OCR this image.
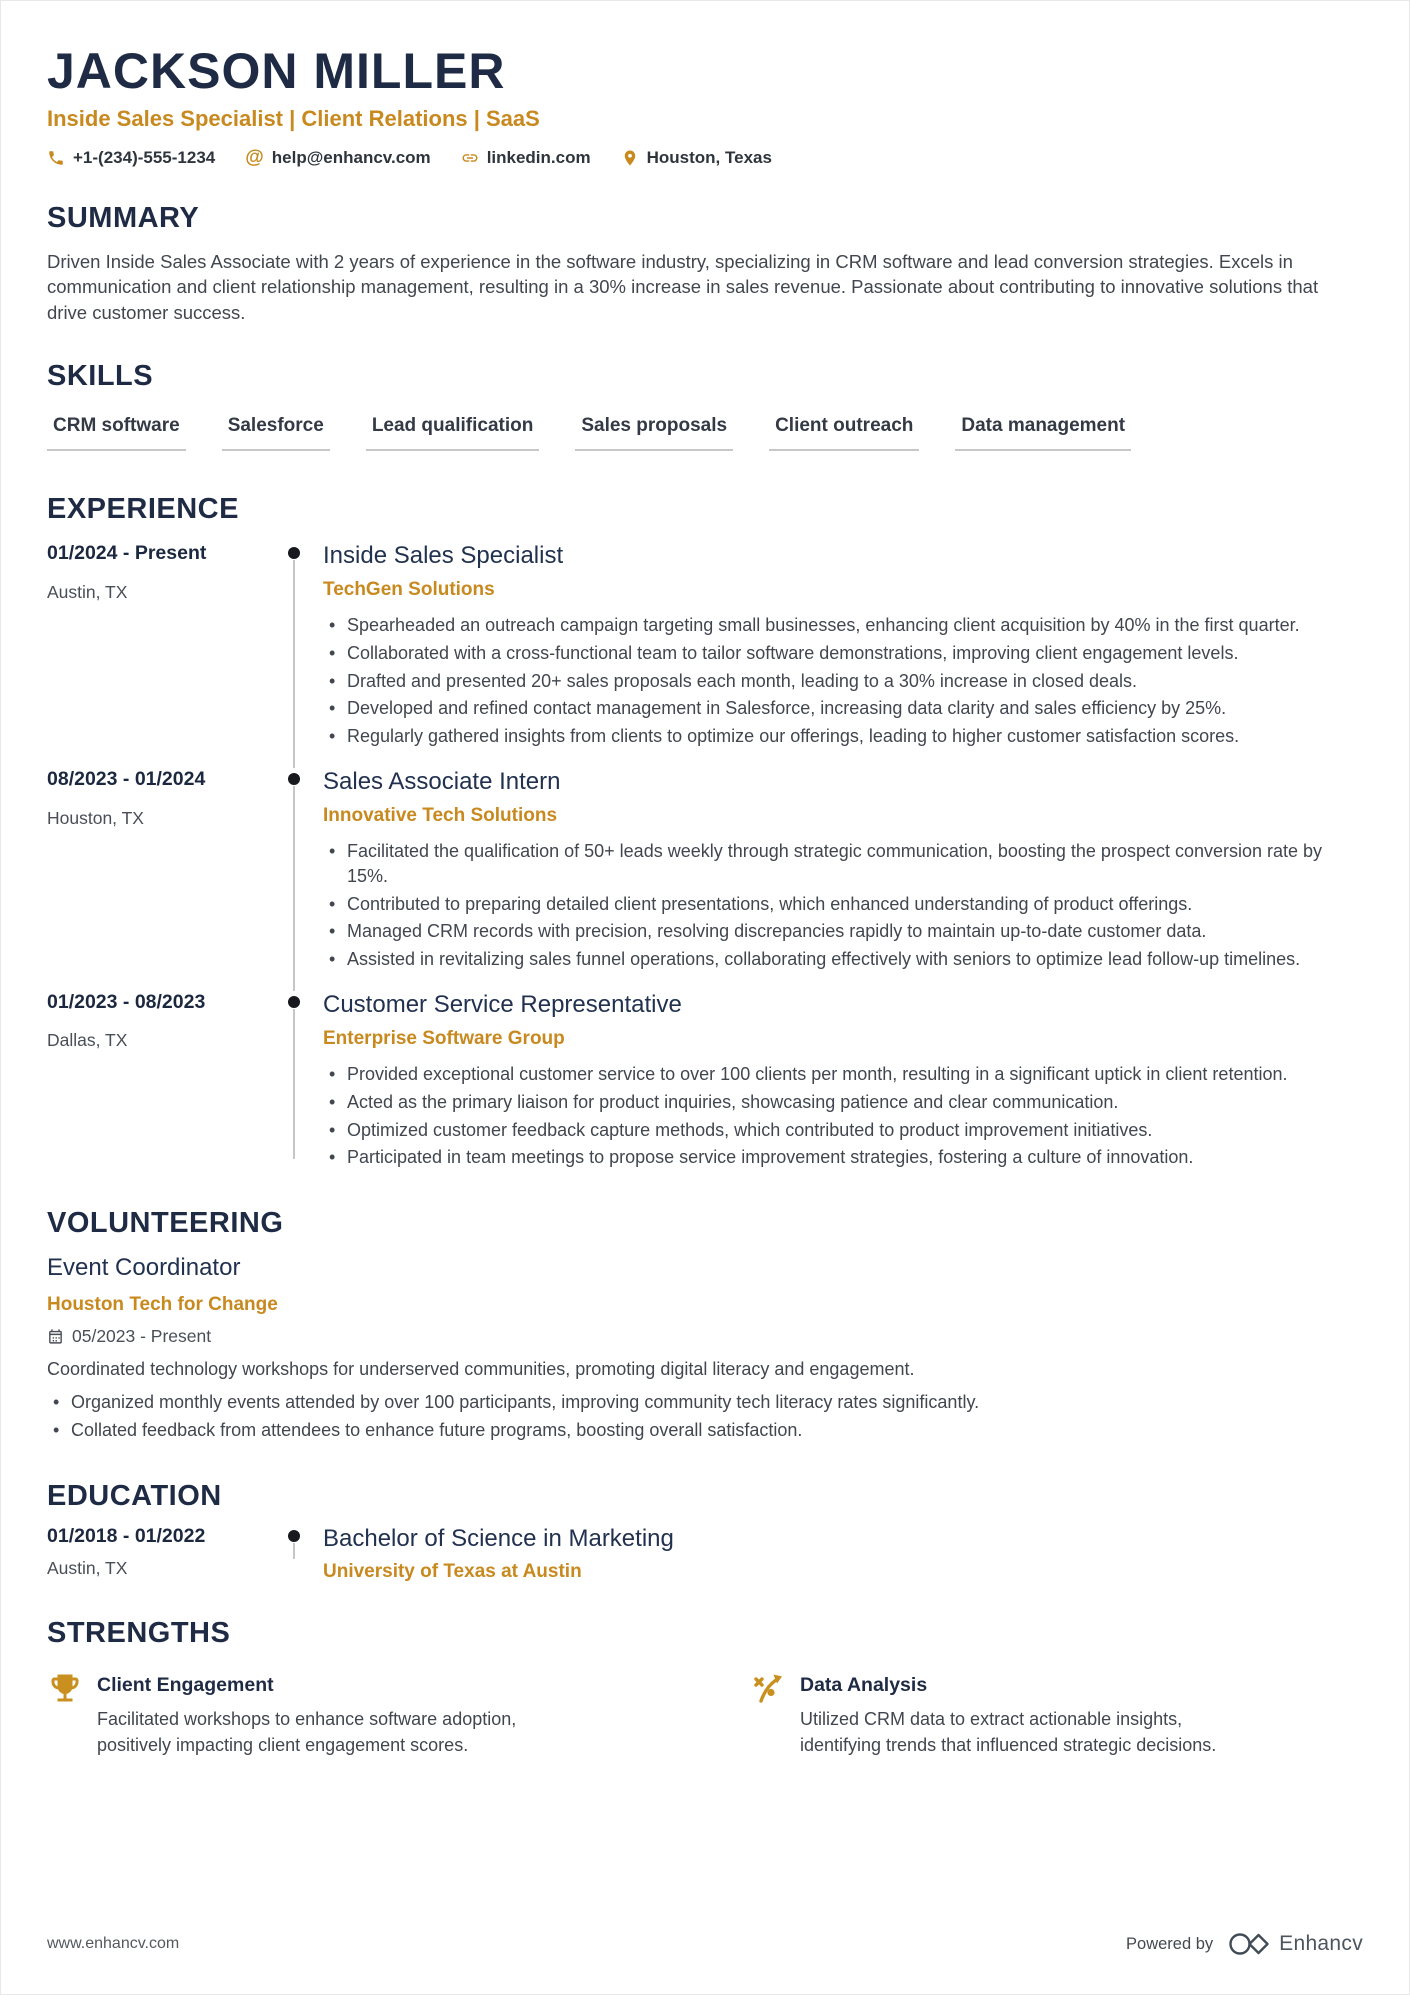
JACKSON MILLER
Inside Sales Specialist | Client Relations | SaaS
+1-(234)-555-1234 @ help@enhancv.com	linkedin.com	Houston, Texas
SUMMARY
Driven Inside Sales Associate with 2 years of experience in the software industry, specializing in CRM software and lead conversion strategies. Excels in communication and client relationship management, resulting in a 30% increase in sales revenue. Passionate about contributing to innovative solutions that drive customer success.
SKILLS
CRM software	Salesforce	Lead qualification	Sales proposals	Client outreach	Data management
EXPERIENCE
01/2024 - Present
Austin, TX
Inside Sales Specialist
TechGen Solutions
• Spearheaded an outreach campaign targeting small businesses, enhancing client acquisition by 40% in the first quarter.
• Collaborated with a cross-functional team to tailor software demonstrations, improving client engagement levels.
• Drafted and presented 20+ sales proposals each month, leading to a 30% increase in closed deals.
• Developed and refined contact management in Salesforce, increasing data clarity and sales efficiency by 25%.
• Regularly gathered insights from clients to optimize our offerings, leading to higher customer satisfaction scores.
08/2023 - 01/2024
Houston, TX
Sales Associate Intern
Innovative Tech Solutions
• Facilitated the qualification of 50+ leads weekly through strategic communication, boosting the prospect conversion rate by 15%.
• Contributed to preparing detailed client presentations, which enhanced understanding of product offerings.
• Managed CRM records with precision, resolving discrepancies rapidly to maintain up-to-date customer data.
• Assisted in revitalizing sales funnel operations, collaborating effectively with seniors to optimize lead follow-up timelines.
01/2023 - 08/2023
Dallas, TX
Customer Service Representative
Enterprise Software Group
• Provided exceptional customer service to over 100 clients per month, resulting in a significant uptick in client retention.
• Acted as the primary liaison for product inquiries, showcasing patience and clear communication.
• Optimized customer feedback capture methods, which contributed to product improvement initiatives.
• Participated in team meetings to propose service improvement strategies, fostering a culture of innovation.
VOLUNTEERING
Event Coordinator
Houston Tech for Change
05/2023 - Present
Coordinated technology workshops for underserved communities, promoting digital literacy and engagement.
• Organized monthly events attended by over 100 participants, improving community tech literacy rates significantly.
• Collated feedback from attendees to enhance future programs, boosting overall satisfaction.
EDUCATION
01/2018 - 01/2022
Austin, TX
Bachelor of Science in Marketing
University of Texas at Austin
STRENGTHS
Client Engagement
Facilitated workshops to enhance software adoption, positively impacting client engagement scores.
Data Analysis
Utilized CRM data to extract actionable insights, identifying trends that influenced strategic decisions.
www.enhancv.com	Powered by	Enhancv
